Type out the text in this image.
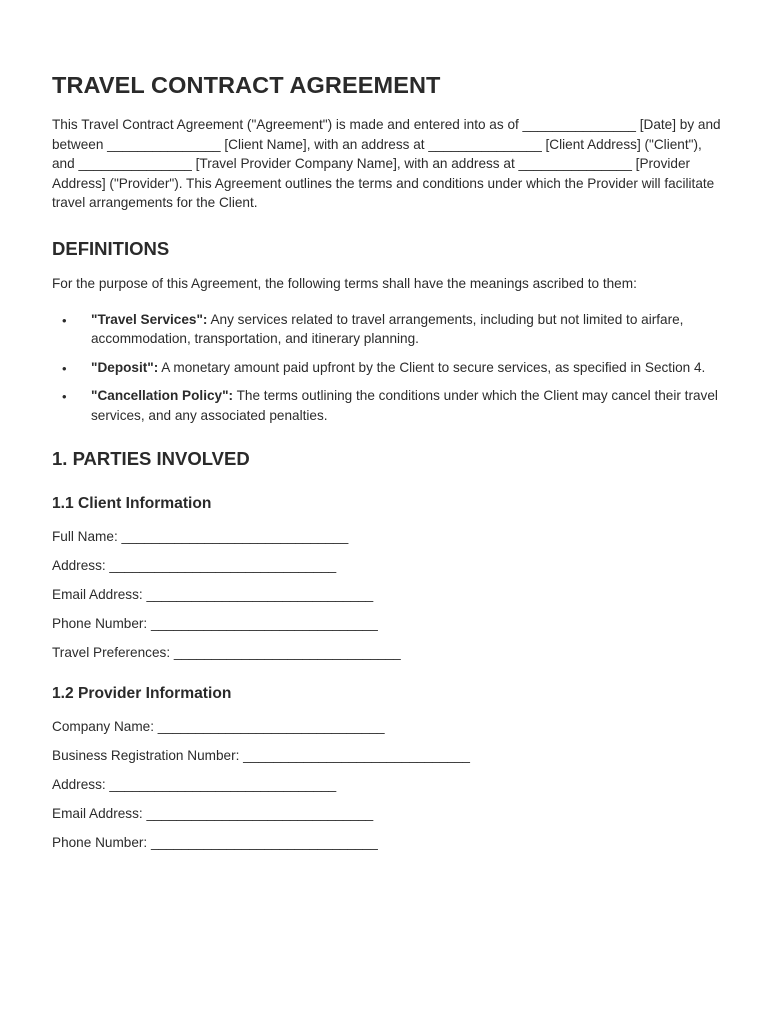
TRAVEL CONTRACT AGREEMENT

This Travel Contract Agreement ("Agreement") is made and entered into as of _______________ [Date] by and between _______________ [Client Name], with an address at _______________ [Client Address] ("Client"), and _______________ [Travel Provider Company Name], with an address at _______________ [Provider Address] ("Provider"). This Agreement outlines the terms and conditions under which the Provider will facilitate travel arrangements for the Client.

DEFINITIONS

For the purpose of this Agreement, the following terms shall have the meanings ascribed to them:

• "Travel Services": Any services related to travel arrangements, including but not limited to airfare, accommodation, transportation, and itinerary planning.
• "Deposit": A monetary amount paid upfront by the Client to secure services, as specified in Section 4.
• "Cancellation Policy": The terms outlining the conditions under which the Client may cancel their travel services, and any associated penalties.
1. PARTIES INVOLVED
1.1 Client Information
Full Name: ______________________________
Address: ______________________________
Email Address: ______________________________
Phone Number: ______________________________
Travel Preferences: ______________________________
1.2 Provider Information
Company Name: ______________________________
Business Registration Number: ______________________________
Address: ______________________________
Email Address: ______________________________
Phone Number: ______________________________
